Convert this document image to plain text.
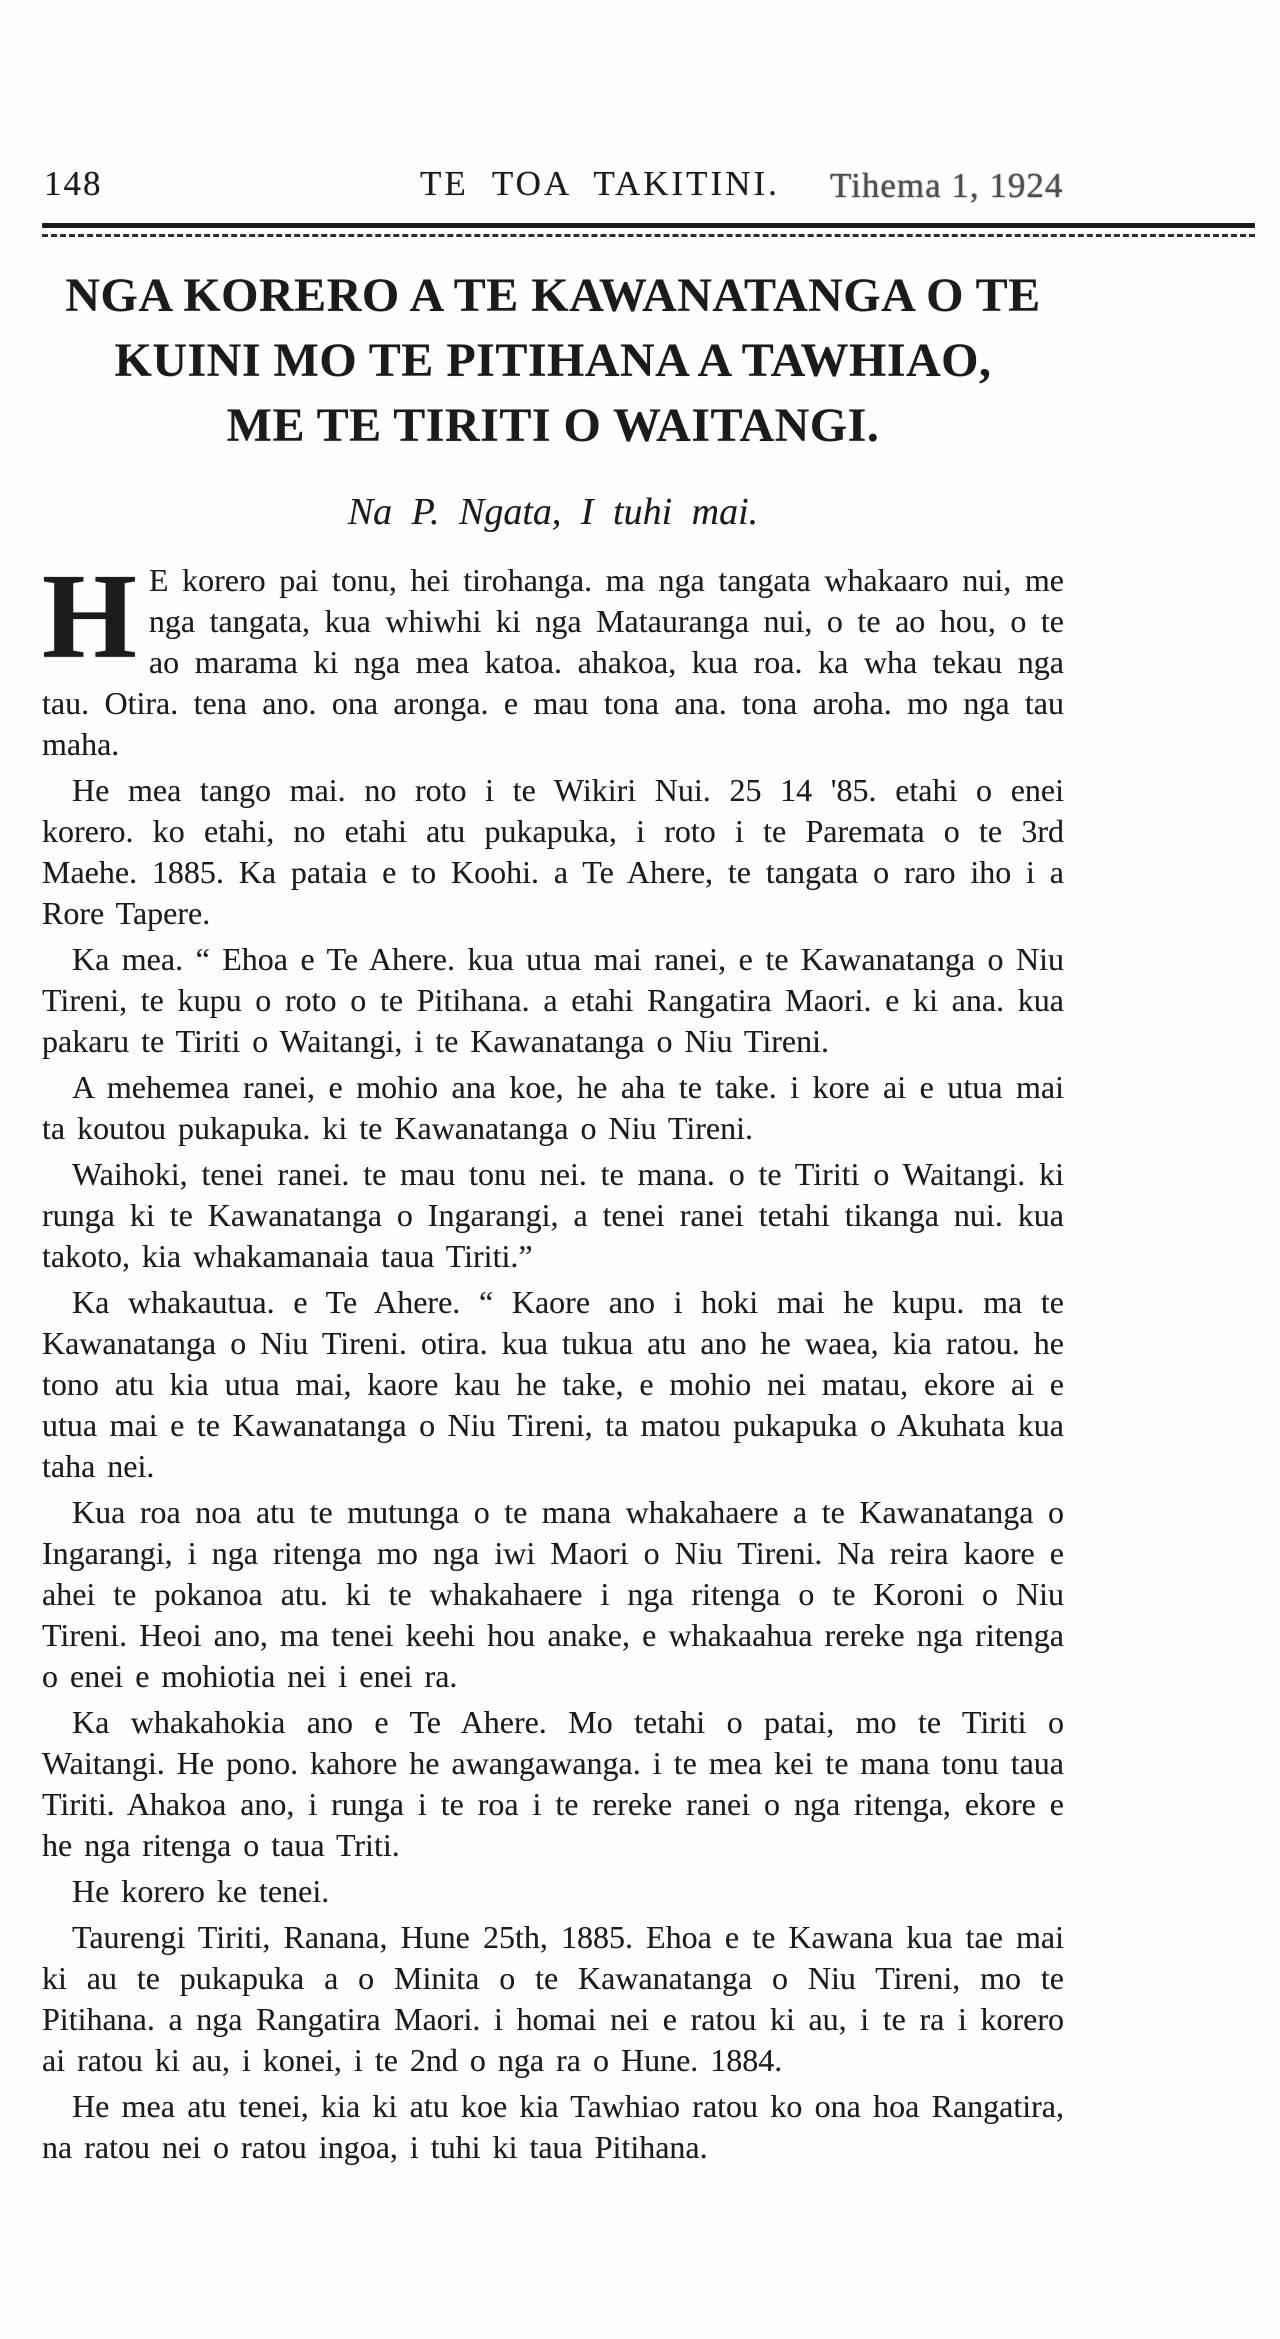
148	TE TOA TAKITINI. Tihema 1, 1924
NGA KORERO A TE KAWANATANGA O TE
KUINI MO TE PITIHANA A TAWHIAO,
ME TE TIRITI O WAITANGI.
Na P. Ngata, I tuhi mai.

H E korero pai tonu, hei tirohanga. ma nga tangata whakaaro nui, me nga tangata, kua whiwhi ki nga Matauranga nui, o te ao hou, o te ao marama ki nga mea katoa. ahakoa, kua roa. ka wha tekau nga tau. Otira. tena ano. ona aronga. e mau tona ana. tona aroha. mo nga tau maha.

He mea tango mai. no roto i te Wikiri Nui. 25 14 '85. etahi o enei korero. ko etahi, no etahi atu pukapuka, i roto i te Paremata o te 3rd Maehe. 1885. Ka pataia e to Koohi. a Te Ahere, te tangata o raro iho i a Rore Tapere.

Ka mea. “ Ehoa e Te Ahere. kua utua mai ranei, e te Kawanatanga o Niu Tireni, te kupu o roto o te Pitihana. a etahi Rangatira Maori. e ki ana. kua pakaru te Tiriti o Waitangi, i te Kawanatanga o Niu Tireni.

A mehemea ranei, e mohio ana koe, he aha te take. i kore ai e utua mai ta koutou pukapuka. ki te Kawanatanga o Niu Tireni.

Waihoki, tenei ranei. te mau tonu nei. te mana. o te Tiriti o Waitangi. ki runga ki te Kawanatanga o Ingarangi, a tenei ranei tetahi tikanga nui. kua takoto, kia whakamanaia taua Tiriti.”

Ka whakautua. e Te Ahere. “ Kaore ano i hoki mai he kupu. ma te Kawanatanga o Niu Tireni. otira. kua tukua atu ano he waea, kia ratou. he tono atu kia utua mai, kaore kau he take, e mohio nei matau, ekore ai e utua mai e te Kawanatanga o Niu Tireni, ta matou pukapuka o Akuhata kua taha nei.

Kua roa noa atu te mutunga o te mana whakahaere a te Kawanatanga o Ingarangi, i nga ritenga mo nga iwi Maori o Niu Tireni. Na reira kaore e ahei te pokanoa atu. ki te whakahaere i nga ritenga o te Koroni o Niu Tireni. Heoi ano, ma tenei keehi hou anake, e whakaahua rereke nga ritenga o enei e mohiotia nei i enei ra.

Ka whakahokia ano e Te Ahere. Mo tetahi o patai, mo te Tiriti o Waitangi. He pono. kahore he awangawanga. i te mea kei te mana tonu taua Tiriti. Ahakoa ano, i runga i te roa i te rereke ranei o nga ritenga, ekore e he nga ritenga o taua Triti.

He korero ke tenei.

Taurengi Tiriti, Ranana, Hune 25th, 1885. Ehoa e te Kawana kua tae mai ki au te pukapuka a o Minita o te Kawanatanga o Niu Tireni, mo te Pitihana. a nga Rangatira Maori. i homai nei e ratou ki au, i te ra i korero ai ratou ki au, i konei, i te 2nd o nga ra o Hune. 1884.

He mea atu tenei, kia ki atu koe kia Tawhiao ratou ko ona hoa Rangatira, na ratou nei o ratou ingoa, i tuhi ki taua Pitihana.
